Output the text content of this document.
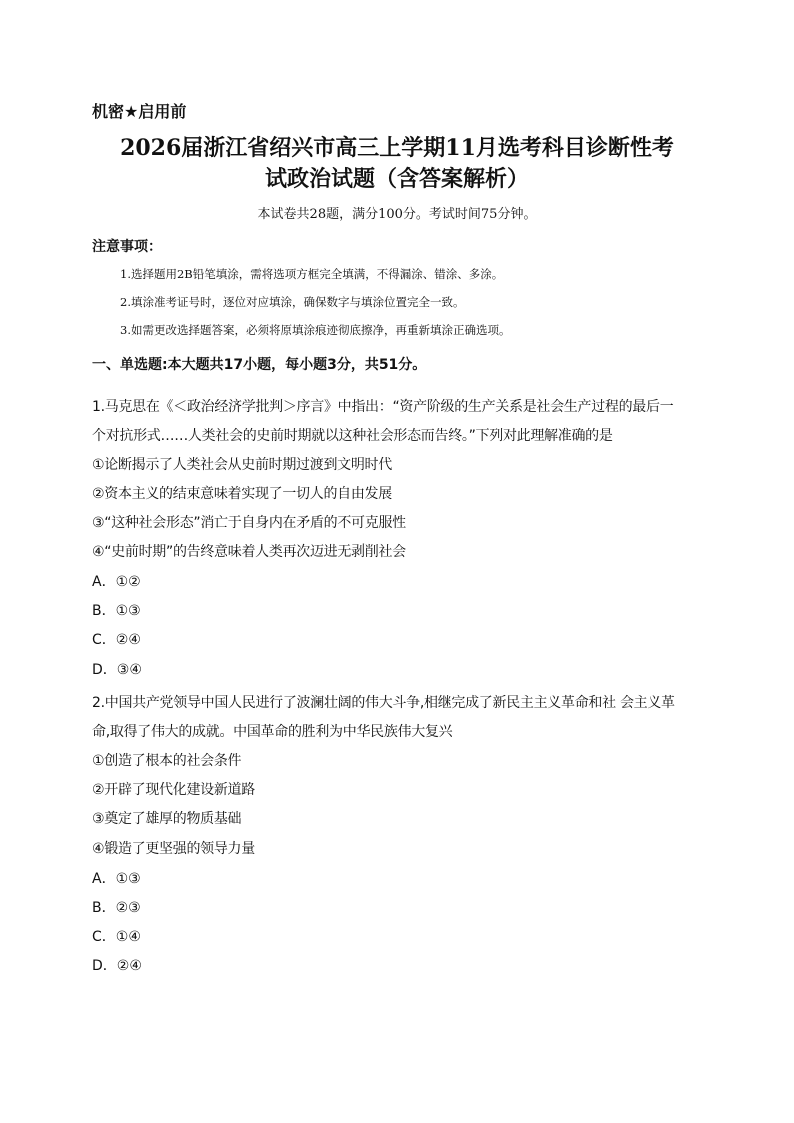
机密★启用前
2026届浙江省绍兴市高三上学期11月选考科目诊断性考
试政治试题（含答案解析）
本试卷共28题，满分100分。考试时间75分钟。
注意事项：
1.选择题用2B铅笔填涂，需将选项方框完全填满，不得漏涂、错涂、多涂。
2.填涂准考证号时，逐位对应填涂，确保数字与填涂位置完全一致。
3.如需更改选择题答案，必须将原填涂痕迹彻底擦净，再重新填涂正确选项。
一、单选题:本大题共17小题，每小题3分，共51分。
1.马克思在《＜政治经济学批判＞序言》中指出：“资产阶级的生产关系是社会生产过程的最后一
个对抗形式……人类社会的史前时期就以这种社会形态而告终。”下列对此理解准确的是
①论断揭示了人类社会从史前时期过渡到文明时代
②资本主义的结束意味着实现了一切人的自由发展
③“这种社会形态”消亡于自身内在矛盾的不可克服性
④“史前时期”的告终意味着人类再次迈进无剥削社会
A．①②
B．①③
C．②④
D．③④
2.中国共产党领导中国人民进行了波澜壮阔的伟大斗争,相继完成了新民主主义革命和社 会主义革
命,取得了伟大的成就。中国革命的胜利为中华民族伟大复兴
①创造了根本的社会条件
②开辟了现代化建设新道路
③奠定了雄厚的物质基础
④锻造了更坚强的领导力量
A．①③
B．②③
C．①④
D．②④
